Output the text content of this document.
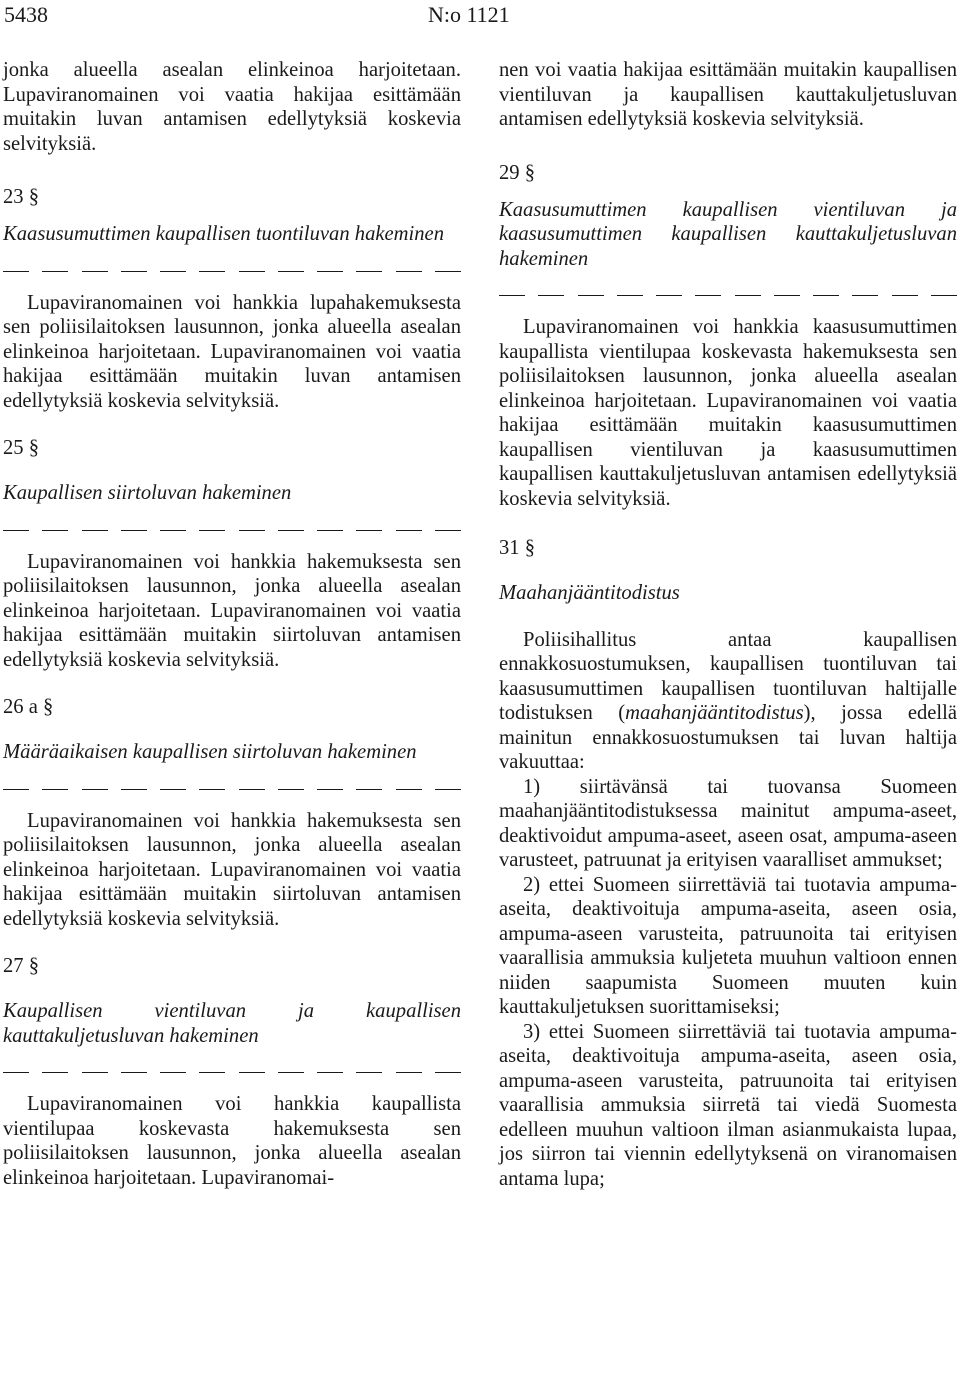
5438	N:o 1121

jonka alueella asealan elinkeinoa harjoitetaan. Lupaviranomainen voi vaatia hakijaa esittämään muitakin luvan antamisen edellytyksiä koskevia selvityksiä.

23 §

Kaasusumuttimen kaupallisen tuontiluvan hakeminen

Lupaviranomainen voi hankkia lupahakemuksesta sen poliisilaitoksen lausunnon, jonka alueella asealan elinkeinoa harjoitetaan. Lupaviranomainen voi vaatia hakijaa esittämään muitakin luvan antamisen edellytyksiä koskevia selvityksiä.

25 §

Kaupallisen siirtoluvan hakeminen

Lupaviranomainen voi hankkia hakemuksesta sen poliisilaitoksen lausunnon, jonka alueella asealan elinkeinoa harjoitetaan. Lupaviranomainen voi vaatia hakijaa esittämään muitakin siirtoluvan antamisen edellytyksiä koskevia selvityksiä.

26 a §

Määräaikaisen kaupallisen siirtoluvan hakeminen

Lupaviranomainen voi hankkia hakemuksesta sen poliisilaitoksen lausunnon, jonka alueella asealan elinkeinoa harjoitetaan. Lupaviranomainen voi vaatia hakijaa esittämään muitakin siirtoluvan antamisen edellytyksiä koskevia selvityksiä.

27 §

Kaupallisen vientiluvan ja kaupallisen kauttakuljetusluvan hakeminen

Lupaviranomainen voi hankkia kaupallista vientilupaa koskevasta hakemuksesta sen poliisilaitoksen lausunnon, jonka alueella asealan elinkeinoa harjoitetaan. Lupaviranomai-

nen voi vaatia hakijaa esittämään muitakin kaupallisen vientiluvan ja kaupallisen kauttakuljetusluvan antamisen edellytyksiä koskevia selvityksiä.

29 §

Kaasusumuttimen kaupallisen vientiluvan ja kaasusumuttimen kaupallisen kauttakuljetusluvan hakeminen

Lupaviranomainen voi hankkia kaasusumuttimen kaupallista vientilupaa koskevasta hakemuksesta sen poliisilaitoksen lausunnon, jonka alueella asealan elinkeinoa harjoitetaan. Lupaviranomainen voi vaatia hakijaa esittämään muitakin kaasusumuttimen kaupallisen vientiluvan ja kaasusumuttimen kaupallisen kauttakuljetusluvan antamisen edellytyksiä koskevia selvityksiä.

31 §

Maahanjääntitodistus

Poliisihallitus antaa kaupallisen ennakkosuostumuksen, kaupallisen tuontiluvan tai kaasusumuttimen kaupallisen tuontiluvan haltijalle todistuksen (maahanjääntitodistus), jossa edellä mainitun ennakkosuostumuksen tai luvan haltija vakuuttaa:

1) siirtävänsä tai tuovansa Suomeen maahanjääntitodistuksessa mainitut ampuma-aseet, deaktivoidut ampuma-aseet, aseen osat, ampuma-aseen varusteet, patruunat ja erityisen vaaralliset ammukset;

2) ettei Suomeen siirrettäviä tai tuotavia ampuma-aseita, deaktivoituja ampuma-aseita, aseen osia, ampuma-aseen varusteita, patruunoita tai erityisen vaarallisia ammuksia kuljeteta muuhun valtioon ennen niiden saapumista Suomeen muuten kuin kauttakuljetuksen suorittamiseksi;

3) ettei Suomeen siirrettäviä tai tuotavia ampuma-aseita, deaktivoituja ampuma-aseita, aseen osia, ampuma-aseen varusteita, patruunoita tai erityisen vaarallisia ammuksia siirretä tai viedä Suomesta edelleen muuhun valtioon ilman asianmukaista lupaa, jos siirron tai viennin edellytyksenä on viranomaisen antama lupa;
